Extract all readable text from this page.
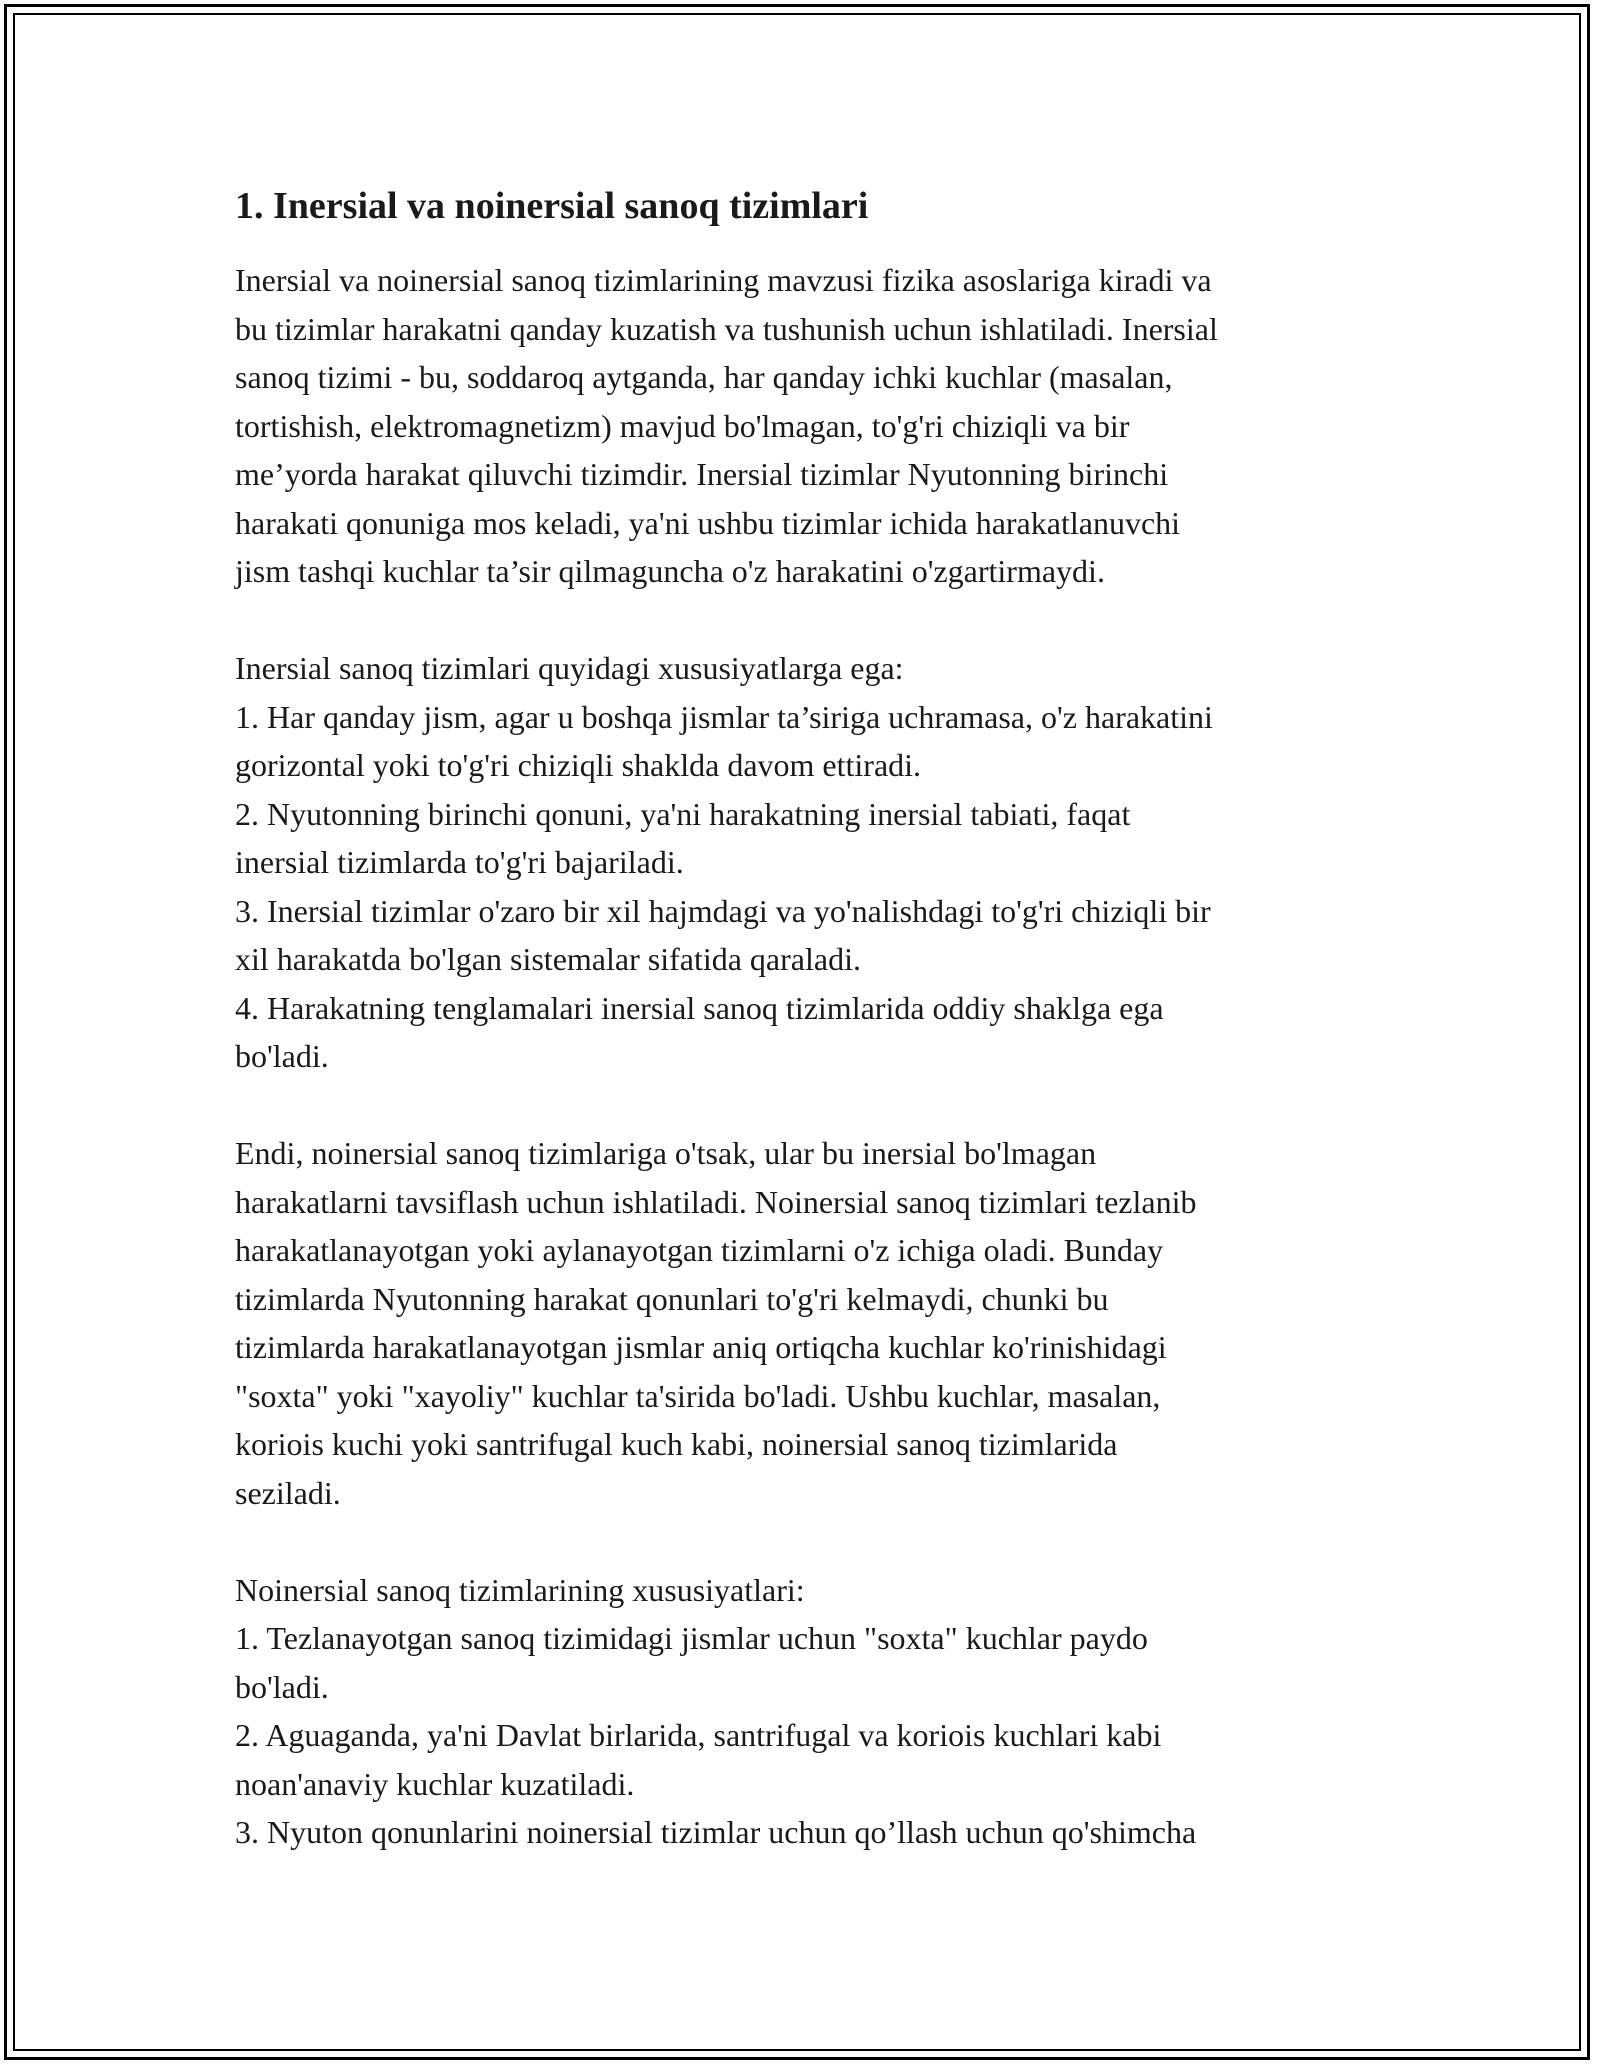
1. Inersial va noinersial sanoq tizimlari

Inersial va noinersial sanoq tizimlarining mavzusi fizika asoslariga kiradi va
bu tizimlar harakatni qanday kuzatish va tushunish uchun ishlatiladi. Inersial
sanoq tizimi - bu, soddaroq aytganda, har qanday ichki kuchlar (masalan,
tortishish, elektromagnetizm) mavjud bo'lmagan, to'g'ri chiziqli va bir
me’yorda harakat qiluvchi tizimdir. Inersial tizimlar Nyutonning birinchi
harakati qonuniga mos keladi, ya'ni ushbu tizimlar ichida harakatlanuvchi
jism tashqi kuchlar ta’sir qilmaguncha o'z harakatini o'zgartirmaydi.

Inersial sanoq tizimlari quyidagi xususiyatlarga ega:
1. Har qanday jism, agar u boshqa jismlar ta’siriga uchramasa, o'z harakatini
gorizontal yoki to'g'ri chiziqli shaklda davom ettiradi.
2. Nyutonning birinchi qonuni, ya'ni harakatning inersial tabiati, faqat
inersial tizimlarda to'g'ri bajariladi.
3. Inersial tizimlar o'zaro bir xil hajmdagi va yo'nalishdagi to'g'ri chiziqli bir
xil harakatda bo'lgan sistemalar sifatida qaraladi.
4. Harakatning tenglamalari inersial sanoq tizimlarida oddiy shaklga ega
bo'ladi.

Endi, noinersial sanoq tizimlariga o'tsak, ular bu inersial bo'lmagan
harakatlarni tavsiflash uchun ishlatiladi. Noinersial sanoq tizimlari tezlanib
harakatlanayotgan yoki aylanayotgan tizimlarni o'z ichiga oladi. Bunday
tizimlarda Nyutonning harakat qonunlari to'g'ri kelmaydi, chunki bu
tizimlarda harakatlanayotgan jismlar aniq ortiqcha kuchlar ko'rinishidagi
"soxta" yoki "xayoliy" kuchlar ta'sirida bo'ladi. Ushbu kuchlar, masalan,
koriois kuchi yoki santrifugal kuch kabi, noinersial sanoq tizimlarida
seziladi.

Noinersial sanoq tizimlarining xususiyatlari:
1. Tezlanayotgan sanoq tizimidagi jismlar uchun "soxta" kuchlar paydo
bo'ladi.
2. Aguaganda, ya'ni Davlat birlarida, santrifugal va koriois kuchlari kabi
noan'anaviy kuchlar kuzatiladi.
3. Nyuton qonunlarini noinersial tizimlar uchun qo’llash uchun qo'shimcha
